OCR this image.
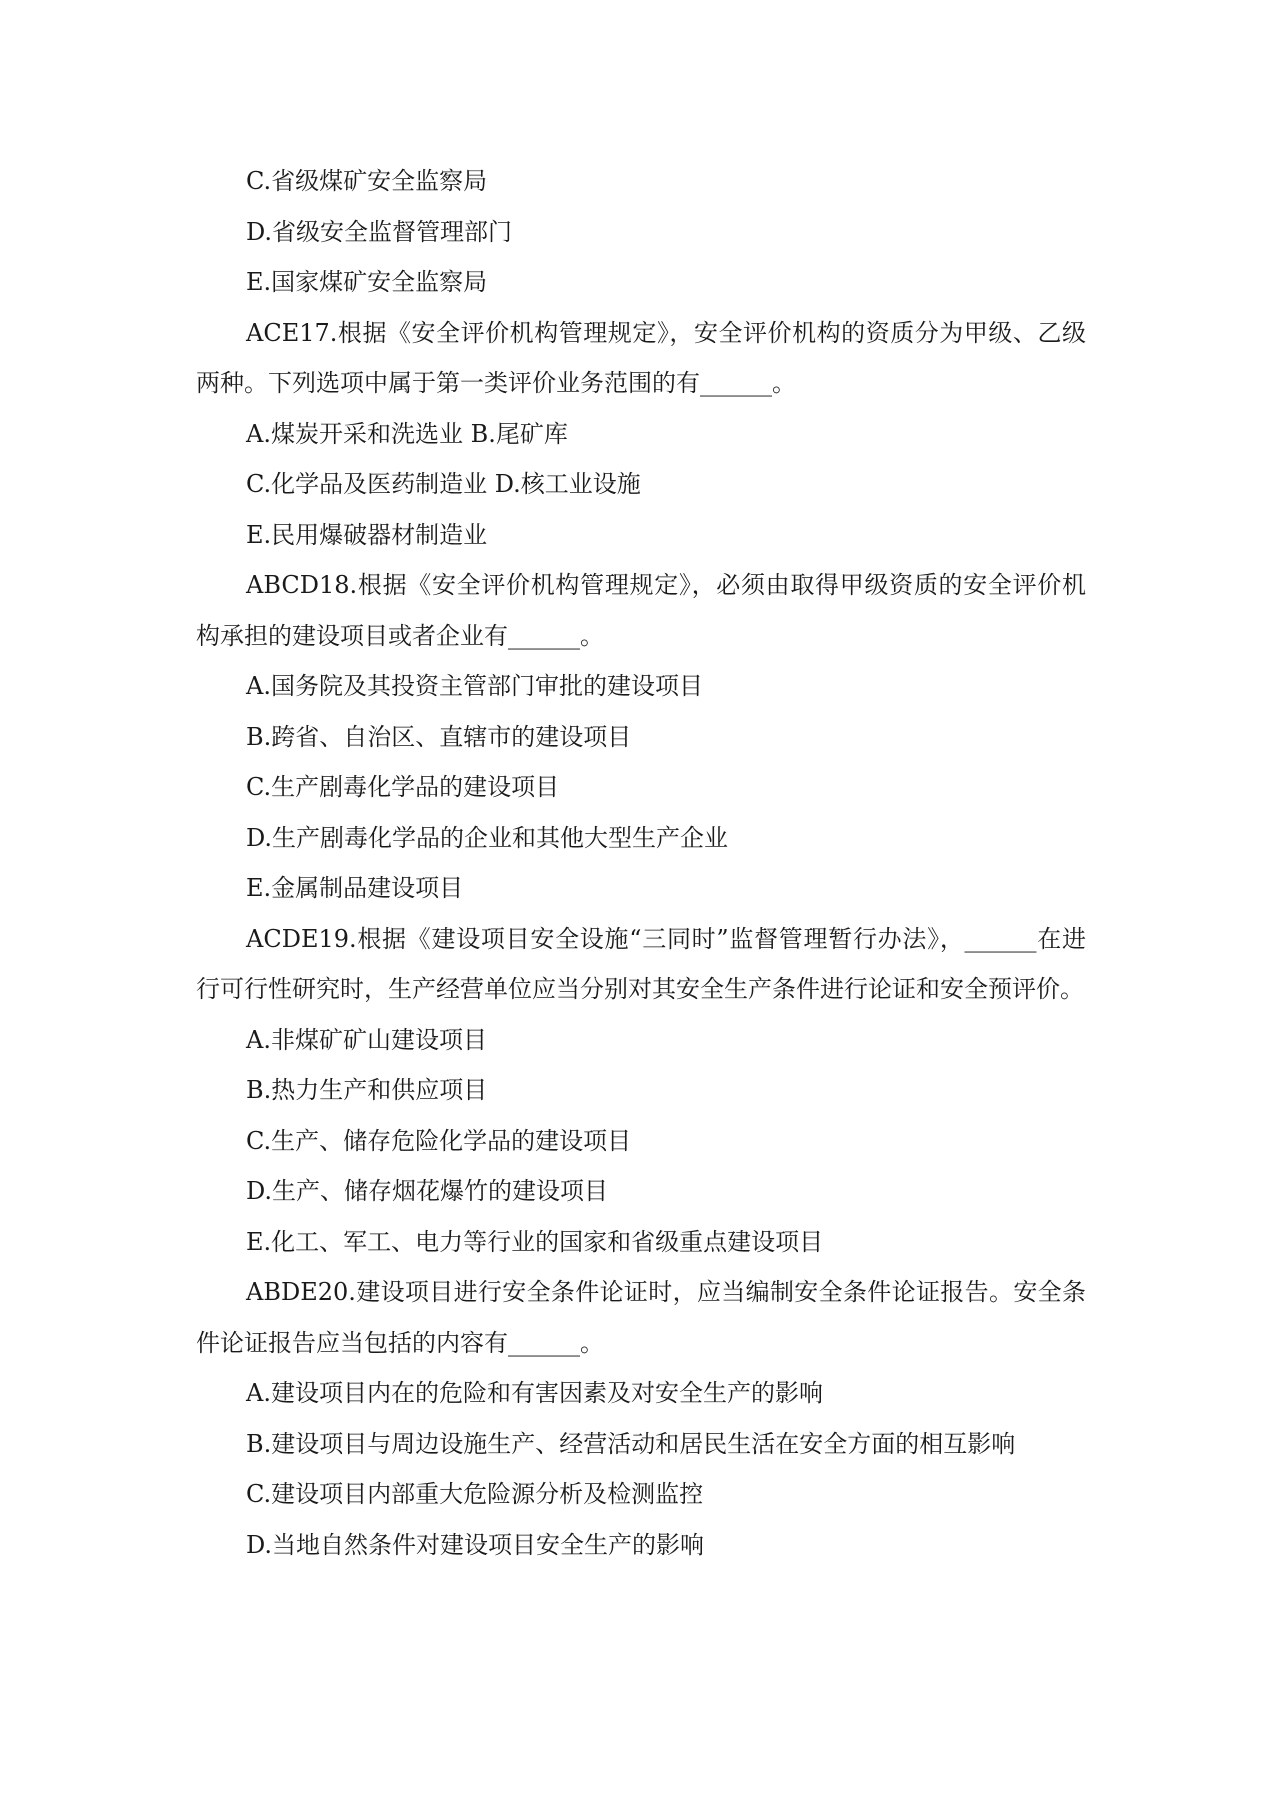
C.省级煤矿安全监察局

D.省级安全监督管理部门

E.国家煤矿安全监察局

ACE17.根据《安全评价机构管理规定》，安全评价机构的资质分为甲级、乙级两种。下列选项中属于第一类评价业务范围的有______。

A.煤炭开采和洗选业 B.尾矿库

C.化学品及医药制造业 D.核工业设施

E.民用爆破器材制造业

ABCD18.根据《安全评价机构管理规定》，必须由取得甲级资质的安全评价机构承担的建设项目或者企业有______。

A.国务院及其投资主管部门审批的建设项目

B.跨省、自治区、直辖市的建设项目

C.生产剧毒化学品的建设项目

D.生产剧毒化学品的企业和其他大型生产企业

E.金属制品建设项目

ACDE19.根据《建设项目安全设施“三同时”监督管理暂行办法》，______在进行可行性研究时，生产经营单位应当分别对其安全生产条件进行论证和安全预评价。

A.非煤矿矿山建设项目

B.热力生产和供应项目

C.生产、储存危险化学品的建设项目

D.生产、储存烟花爆竹的建设项目

E.化工、军工、电力等行业的国家和省级重点建设项目

ABDE20.建设项目进行安全条件论证时，应当编制安全条件论证报告。安全条件论证报告应当包括的内容有______。

A.建设项目内在的危险和有害因素及对安全生产的影响

B.建设项目与周边设施生产、经营活动和居民生活在安全方面的相互影响

C.建设项目内部重大危险源分析及检测监控

D.当地自然条件对建设项目安全生产的影响
